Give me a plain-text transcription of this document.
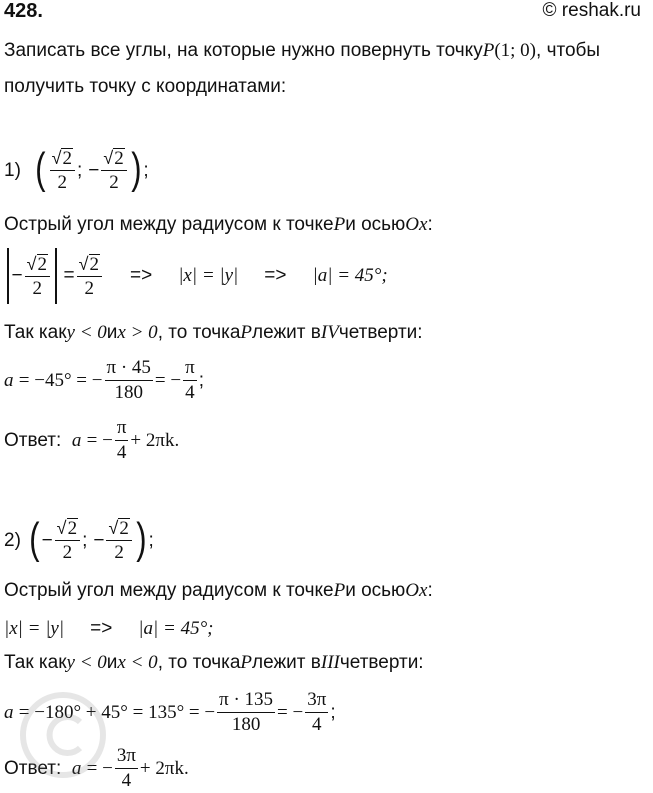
428.	© reshak.ru
Записать все углы, на которые нужно повернуть точку P (1; 0) , чтобы
получить точку с координатами:
1) ( $\frac{√ 2}{2}$ ; − $\frac{√ 2}{2}$ ) ;
Острый угол между радиусом к точке P и осью Ox :
− $\frac{√ 2}{2} = \frac{√ 2}{2} => |x| = |y| => |a| = 45^\circ$;
Так как y < 0 и x > 0 , то точка P лежит в IV четверти:
a
= −45° = − $\frac{\pi \cdot 45}{180}$ = − $\frac{\pi}{4}$ ;
Ответ:
a
= − $\frac{\pi}{4} + 2\pi k$.
2) ( − $\frac{√ 2}{2}$ ; − $\frac{√ 2}{2}$ ) ;
Острый угол между радиусом к точке P и осью Ox :
|x| = |y| => |a| = 45°;
Так как y < 0 и x < 0 , то точка P лежит в III четверти:
a
= −180° + 45° = 135° = − $\frac{\pi \cdot 135}{180}$ = − $\frac{3\pi}{4}$ ;
Ответ:
a
= − $\frac{3\pi}{4} + 2\pi k$.
